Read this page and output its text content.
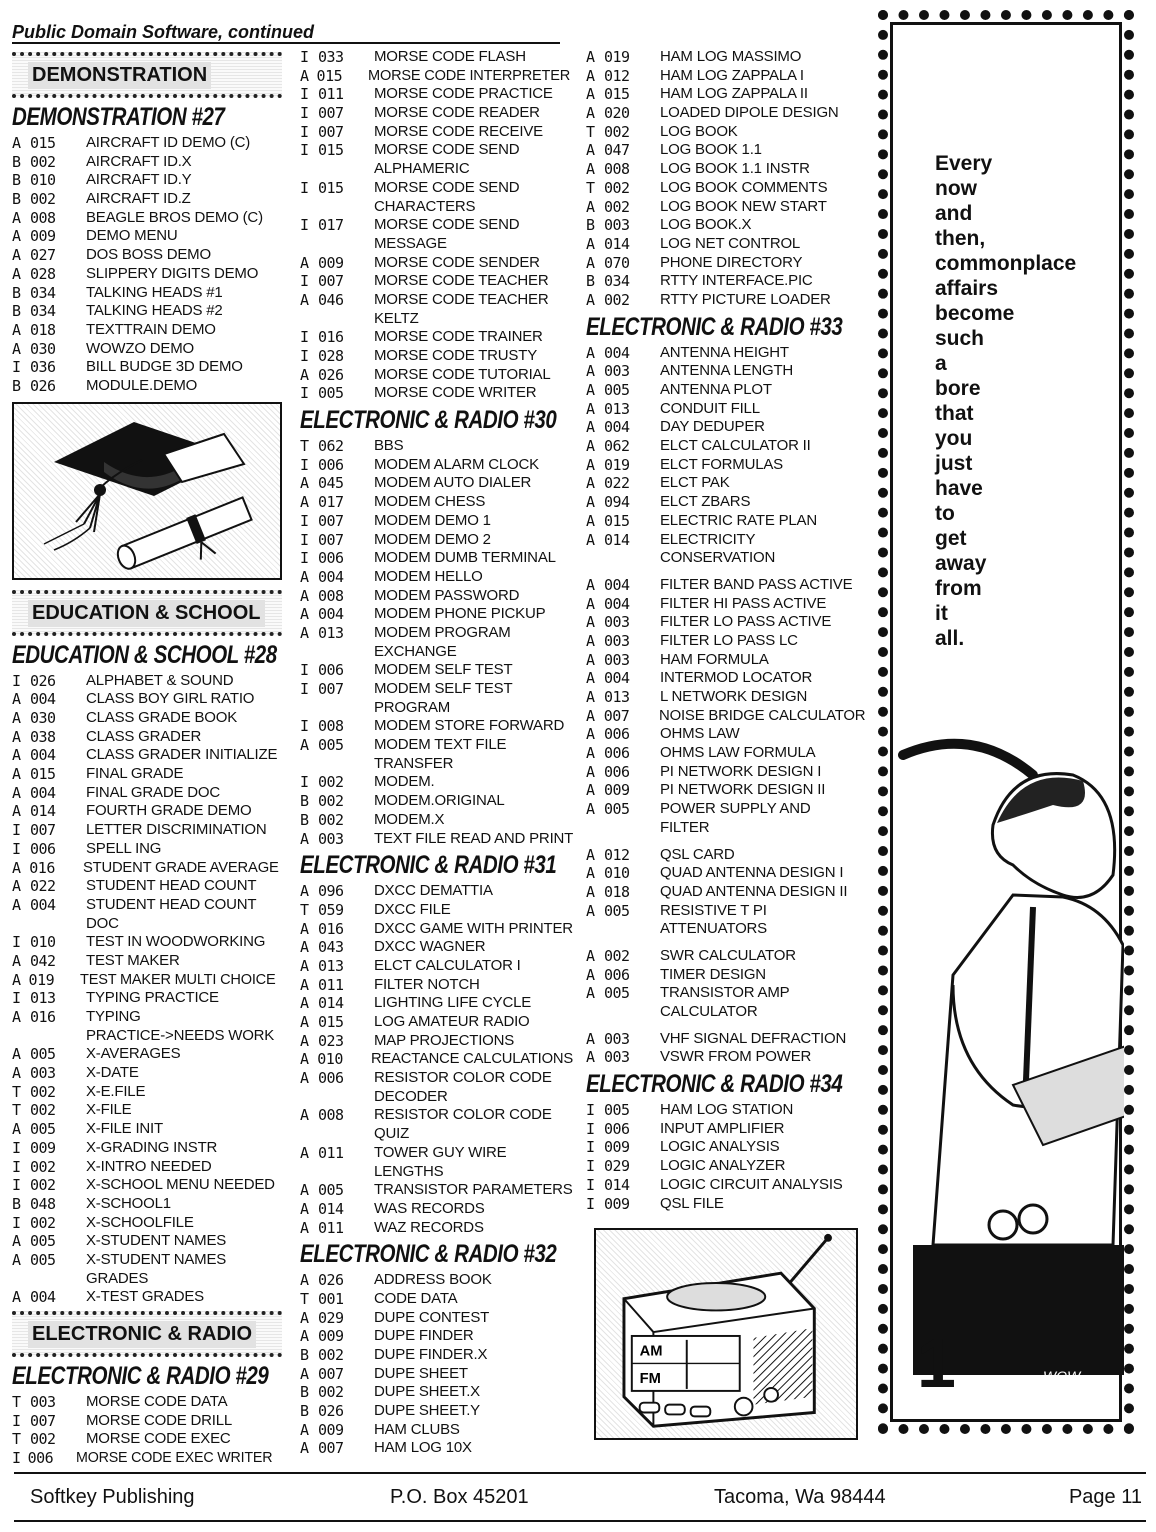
Public Domain Software, continued
DEMONSTRATION
DEMONSTRATION #27
A 015	AIRCRAFT ID DEMO (C)
B 002	AIRCRAFT ID.X
B 010	AIRCRAFT ID.Y
B 002	AIRCRAFT ID.Z
A 008	BEAGLE BROS DEMO (C)
A 009	DEMO MENU
A 027	DOS BOSS DEMO
A 028	SLIPPERY DIGITS DEMO
B 034	TALKING HEADS #1
B 034	TALKING HEADS #2
A 018	TEXTTRAIN DEMO
A 030	WOWZO DEMO
I 036	BILL BUDGE 3D DEMO
B 026	MODULE.DEMO
EDUCATION & SCHOOL
EDUCATION & SCHOOL #28
I 026	ALPHABET & SOUND
A 004	CLASS BOY GIRL RATIO
A 030	CLASS GRADE BOOK
A 038	CLASS GRADER
A 004	CLASS GRADER INITIALIZE
A 015	FINAL GRADE
A 004	FINAL GRADE DOC
A 014	FOURTH GRADE DEMO
I 007	LETTER DISCRIMINATION
I 006	SPELL ING
A 016	STUDENT GRADE AVERAGE
A 022	STUDENT HEAD COUNT
A 004	STUDENT HEAD COUNT
DOC
I 010	TEST IN WOODWORKING
A 042	TEST MAKER
A 019	TEST MAKER MULTI CHOICE
I 013	TYPING PRACTICE
A 016	TYPING
PRACTICE->NEEDS WORK
A 005	X-AVERAGES
A 003	X-DATE
T 002	X-E.FILE
T 002	X-FILE
A 005	X-FILE INIT
I 009	X-GRADING INSTR
I 002	X-INTRO NEEDED
I 002	X-SCHOOL MENU NEEDED
B 048	X-SCHOOL1
I 002	X-SCHOOLFILE
A 005	X-STUDENT NAMES
A 005	X-STUDENT NAMES
GRADES
A 004	X-TEST GRADES
ELECTRONIC & RADIO
ELECTRONIC & RADIO #29
T 003	MORSE CODE DATA
I 007	MORSE CODE DRILL
T 002	MORSE CODE EXEC
I 006	MORSE CODE EXEC WRITER
I 033	MORSE CODE FLASH
A 015	MORSE CODE INTERPRETER
I 011	MORSE CODE PRACTICE
I 007	MORSE CODE READER
I 007	MORSE CODE RECEIVE
I 015	MORSE CODE SEND
ALPHAMERIC
I 015	MORSE CODE SEND
CHARACTERS
I 017	MORSE CODE SEND
MESSAGE
A 009	MORSE CODE SENDER
I 007	MORSE CODE TEACHER
A 046	MORSE CODE TEACHER
KELTZ
I 016	MORSE CODE TRAINER
I 028	MORSE CODE TRUSTY
A 026	MORSE CODE TUTORIAL
I 005	MORSE CODE WRITER
ELECTRONIC & RADIO #30
T 062	BBS
I 006	MODEM ALARM CLOCK
A 045	MODEM AUTO DIALER
A 017	MODEM CHESS
I 007	MODEM DEMO 1
I 007	MODEM DEMO 2
I 006	MODEM DUMB TERMINAL
A 004	MODEM HELLO
A 008	MODEM PASSWORD
A 004	MODEM PHONE PICKUP
A 013	MODEM PROGRAM
EXCHANGE
I 006	MODEM SELF TEST
I 007	MODEM SELF TEST
PROGRAM
I 008	MODEM STORE FORWARD
A 005	MODEM TEXT FILE
TRANSFER
I 002	MODEM.
B 002	MODEM.ORIGINAL
B 002	MODEM.X
A 003	TEXT FILE READ AND PRINT
ELECTRONIC & RADIO #31
A 096	DXCC DEMATTIA
T 059	DXCC FILE
A 016	DXCC GAME WITH PRINTER
A 043	DXCC WAGNER
A 013	ELCT CALCULATOR I
A 011	FILTER NOTCH
A 014	LIGHTING LIFE CYCLE
A 015	LOG AMATEUR RADIO
A 023	MAP PROJECTIONS
A 010	REACTANCE CALCULATIONS
A 006	RESISTOR COLOR CODE
DECODER
A 008	RESISTOR COLOR CODE
QUIZ
A 011	TOWER GUY WIRE
LENGTHS
A 005	TRANSISTOR PARAMETERS
A 014	WAS RECORDS
A 011	WAZ RECORDS
ELECTRONIC & RADIO #32
A 026	ADDRESS BOOK
T 001	CODE DATA
A 029	DUPE CONTEST
A 009	DUPE FINDER
B 002	DUPE FINDER.X
A 007	DUPE SHEET
B 002	DUPE SHEET.X
B 026	DUPE SHEET.Y
A 009	HAM CLUBS
A 007	HAM LOG 10X
A 019	HAM LOG MASSIMO
A 012	HAM LOG ZAPPALA I
A 015	HAM LOG ZAPPALA II
A 020	LOADED DIPOLE DESIGN
T 002	LOG BOOK
A 047	LOG BOOK 1.1
A 008	LOG BOOK 1.1 INSTR
T 002	LOG BOOK COMMENTS
A 002	LOG BOOK NEW START
B 003	LOG BOOK.X
A 014	LOG NET CONTROL
A 070	PHONE DIRECTORY
B 034	RTTY INTERFACE.PIC
A 002	RTTY PICTURE LOADER
ELECTRONIC & RADIO #33
A 004	ANTENNA HEIGHT
A 003	ANTENNA LENGTH
A 005	ANTENNA PLOT
A 013	CONDUIT FILL
A 004	DAY DEDUPER
A 062	ELCT CALCULATOR II
A 019	ELCT FORMULAS
A 022	ELCT PAK
A 094	ELCT ZBARS
A 015	ELECTRIC RATE PLAN
A 014	ELECTRICITY
CONSERVATION
A 004	FILTER BAND PASS ACTIVE
A 004	FILTER HI PASS ACTIVE
A 003	FILTER LO PASS ACTIVE
A 003	FILTER LO PASS LC
A 003	HAM FORMULA
A 004	INTERMOD LOCATOR
A 013	L NETWORK DESIGN
A 007	NOISE BRIDGE CALCULATOR
A 006	OHMS LAW
A 006	OHMS LAW FORMULA
A 006	PI NETWORK DESIGN I
A 009	PI NETWORK DESIGN II
A 005	POWER SUPPLY AND
FILTER
A 012	QSL CARD
A 010	QUAD ANTENNA DESIGN I
A 018	QUAD ANTENNA DESIGN II
A 005	RESISTIVE T PI
ATTENUATORS
A 002	SWR CALCULATOR
A 006	TIMER DESIGN
A 005	TRANSISTOR AMP
CALCULATOR
A 003	VHF SIGNAL DEFRACTION
A 003	VSWR FROM POWER
ELECTRONIC & RADIO #34
I 005	HAM LOG STATION
I 006	INPUT AMPLIFIER
I 009	LOGIC ANALYSIS
I 029	LOGIC ANALYZER
I 014	LOGIC CIRCUIT ANALYSIS
I 009	QSL FILE
AM
FM
Every
now
and
then,
commonplace
affairs
become
such
a
bore
that
you
just
have
to
get
away
from
it
all.
WOW
1
Softkey Publishing	P.O. Box 45201	Tacoma, Wa 98444	Page 11
